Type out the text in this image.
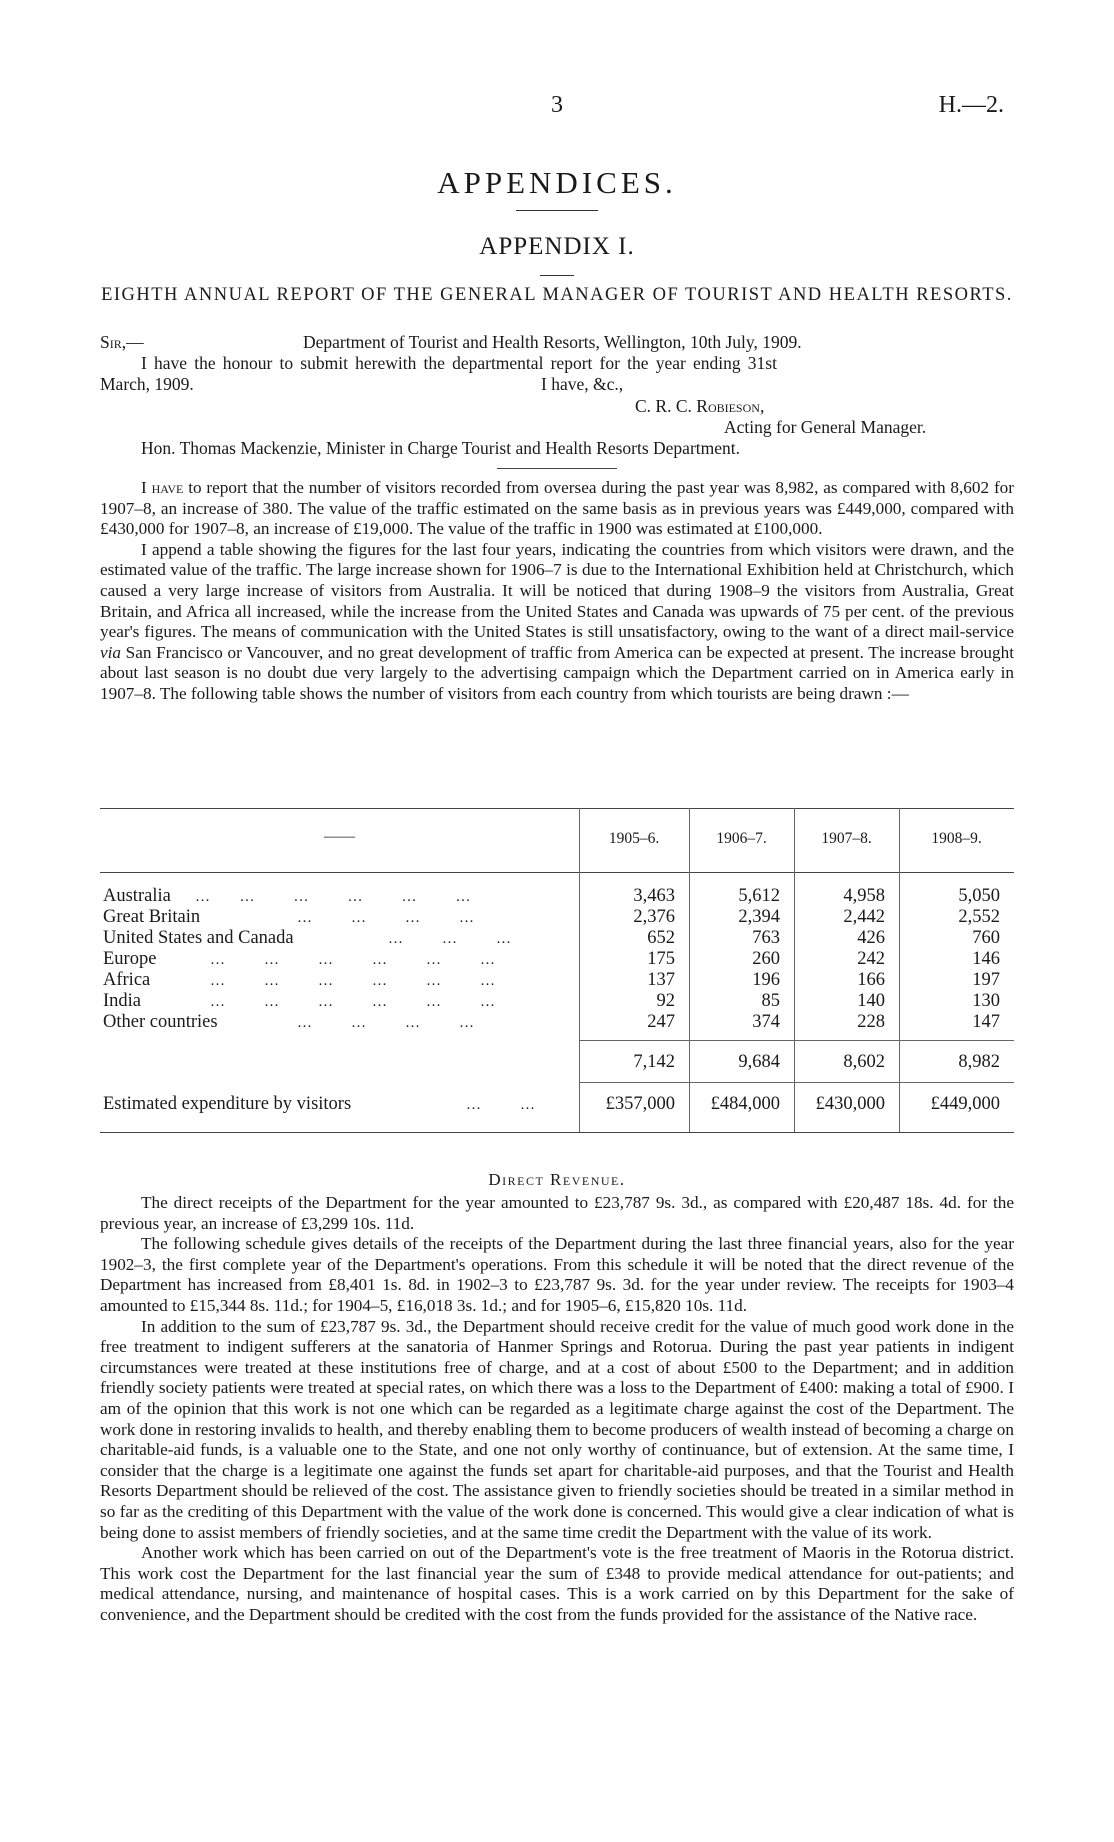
3	H.—2.
APPENDICES.
APPENDIX I.
EIGHTH ANNUAL REPORT OF THE GENERAL MANAGER OF TOURIST AND HEALTH RESORTS.
Sir,—	Department of Tourist and Health Resorts, Wellington, 10th July, 1909.
I have the honour to submit herewith the departmental report for the year ending 31st
March, 1909.	I have, &c.,
C. R. C. Robieson,
Acting for General Manager.
Hon. Thomas Mackenzie, Minister in Charge Tourist and Health Resorts Department.

I have to report that the number of visitors recorded from oversea during the past year was 8,982, as compared with 8,602 for 1907–8, an increase of 380. The value of the traffic estimated on the same basis as in previous years was £449,000, compared with £430,000 for 1907–8, an increase of £19,000. The value of the traffic in 1900 was estimated at £100,000.

I append a table showing the figures for the last four years, indicating the countries from which visitors were drawn, and the estimated value of the traffic. The large increase shown for 1906–7 is due to the International Exhibition held at Christchurch, which caused a very large increase of visitors from Australia. It will be noticed that during 1908–9 the visitors from Australia, Great Britain, and Africa all increased, while the increase from the United States and Canada was upwards of 75 per cent. of the previous year's figures. The means of communication with the United States is still unsatisfactory, owing to the want of a direct mail-service via San Francisco or Vancouver, and no great development of traffic from America can be expected at present. The increase brought about last season is no doubt due very largely to the advertising campaign which the Department carried on in America early in 1907–8. The following table shows the number of visitors from each country from which tourists are being drawn :—

——	1905–6.	1906–7.	1907–8.	1908–9.
Australia …      …        …        …        …        …	3,463	5,612	4,958	5,050
Great Britain	…        …        …        …	2,376	2,394	2,442	2,552
United States and Canada	…        …        …	652	763	426	760
Europe	…        …        …        …        …        …	175	260	242	146
Africa	…        …        …        …        …        …	137	196	166	197
India	…        …        …        …        …        …	92	85	140	130
Other countries	…        …        …        …	247	374	228	147
7,142	9,684	8,602	8,982
Estimated expenditure by visitors	…        …	£357,000	£484,000	£430,000	£449,000
Direct Revenue.

The direct receipts of the Department for the year amounted to £23,787 9s. 3d., as compared with £20,487 18s. 4d. for the previous year, an increase of £3,299 10s. 11d.

The following schedule gives details of the receipts of the Department during the last three financial years, also for the year 1902–3, the first complete year of the Department's operations. From this schedule it will be noted that the direct revenue of the Department has increased from £8,401 1s. 8d. in 1902–3 to £23,787 9s. 3d. for the year under review. The receipts for 1903–4 amounted to £15,344 8s. 11d.; for 1904–5, £16,018 3s. 1d.; and for 1905–6, £15,820 10s. 11d.

In addition to the sum of £23,787 9s. 3d., the Department should receive credit for the value of much good work done in the free treatment to indigent sufferers at the sanatoria of Hanmer Springs and Rotorua. During the past year patients in indigent circumstances were treated at these institutions free of charge, and at a cost of about £500 to the Department; and in addition friendly society patients were treated at special rates, on which there was a loss to the Department of £400: making a total of £900. I am of the opinion that this work is not one which can be regarded as a legitimate charge against the cost of the Department. The work done in restoring invalids to health, and thereby enabling them to become producers of wealth instead of becoming a charge on charitable-aid funds, is a valuable one to the State, and one not only worthy of continuance, but of extension. At the same time, I consider that the charge is a legitimate one against the funds set apart for charitable-aid purposes, and that the Tourist and Health Resorts Department should be relieved of the cost. The assistance given to friendly societies should be treated in a similar method in so far as the crediting of this Department with the value of the work done is concerned. This would give a clear indication of what is being done to assist members of friendly societies, and at the same time credit the Department with the value of its work.

Another work which has been carried on out of the Department's vote is the free treatment of Maoris in the Rotorua district. This work cost the Department for the last financial year the sum of £348 to provide medical attendance for out-patients; and medical attendance, nursing, and maintenance of hospital cases. This is a work carried on by this Department for the sake of convenience, and the Department should be credited with the cost from the funds provided for the assistance of the Native race.
